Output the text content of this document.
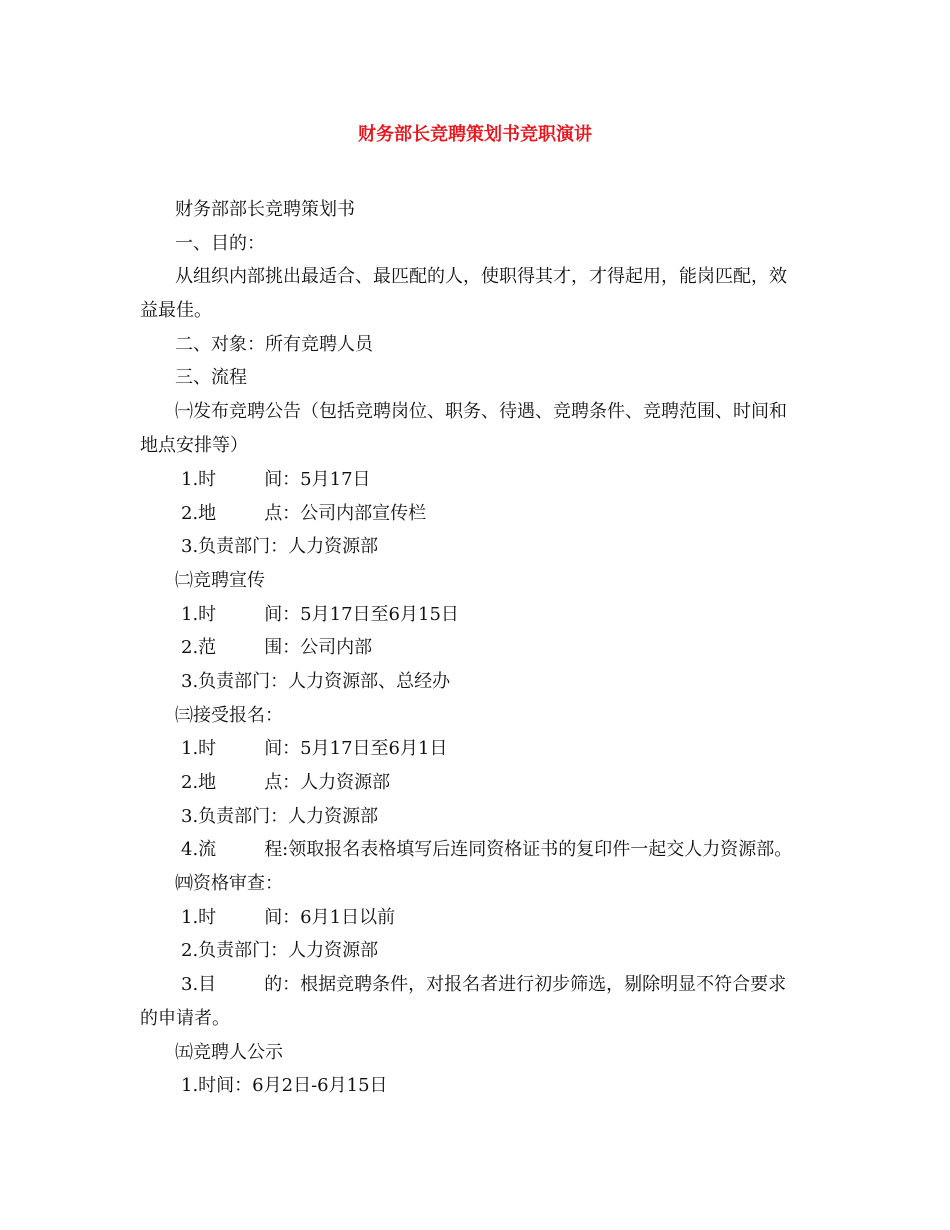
财务部长竞聘策划书竞职演讲
财务部部长竞聘策划书
一、目的：
从组织内部挑出最适合、最匹配的人，使职得其才，才得起用，能岗匹配，效
益最佳。
二、对象：所有竞聘人员
三、流程
㈠发布竞聘公告（包括竞聘岗位、职务、待遇、竞聘条件、竞聘范围、时间和
地点安排等）
1.时	间：5月17日
2.地	点：公司内部宣传栏
3.负责部门：人力资源部
㈡竞聘宣传
1.时	间：5月17日至6月15日
2.范	围：公司内部
3.负责部门：人力资源部、总经办
㈢接受报名：
1.时	间：5月17日至6月1日
2.地	点：人力资源部
3.负责部门：人力资源部
4.流	程:领取报名表格填写后连同资格证书的复印件一起交人力资源部。
㈣资格审查：
1.时	间：6月1日以前
2.负责部门：人力资源部
3.目	的：根据竞聘条件，对报名者进行初步筛选，剔除明显不符合要求
的申请者。
㈤竞聘人公示
1.时间：6月2日-6月15日
